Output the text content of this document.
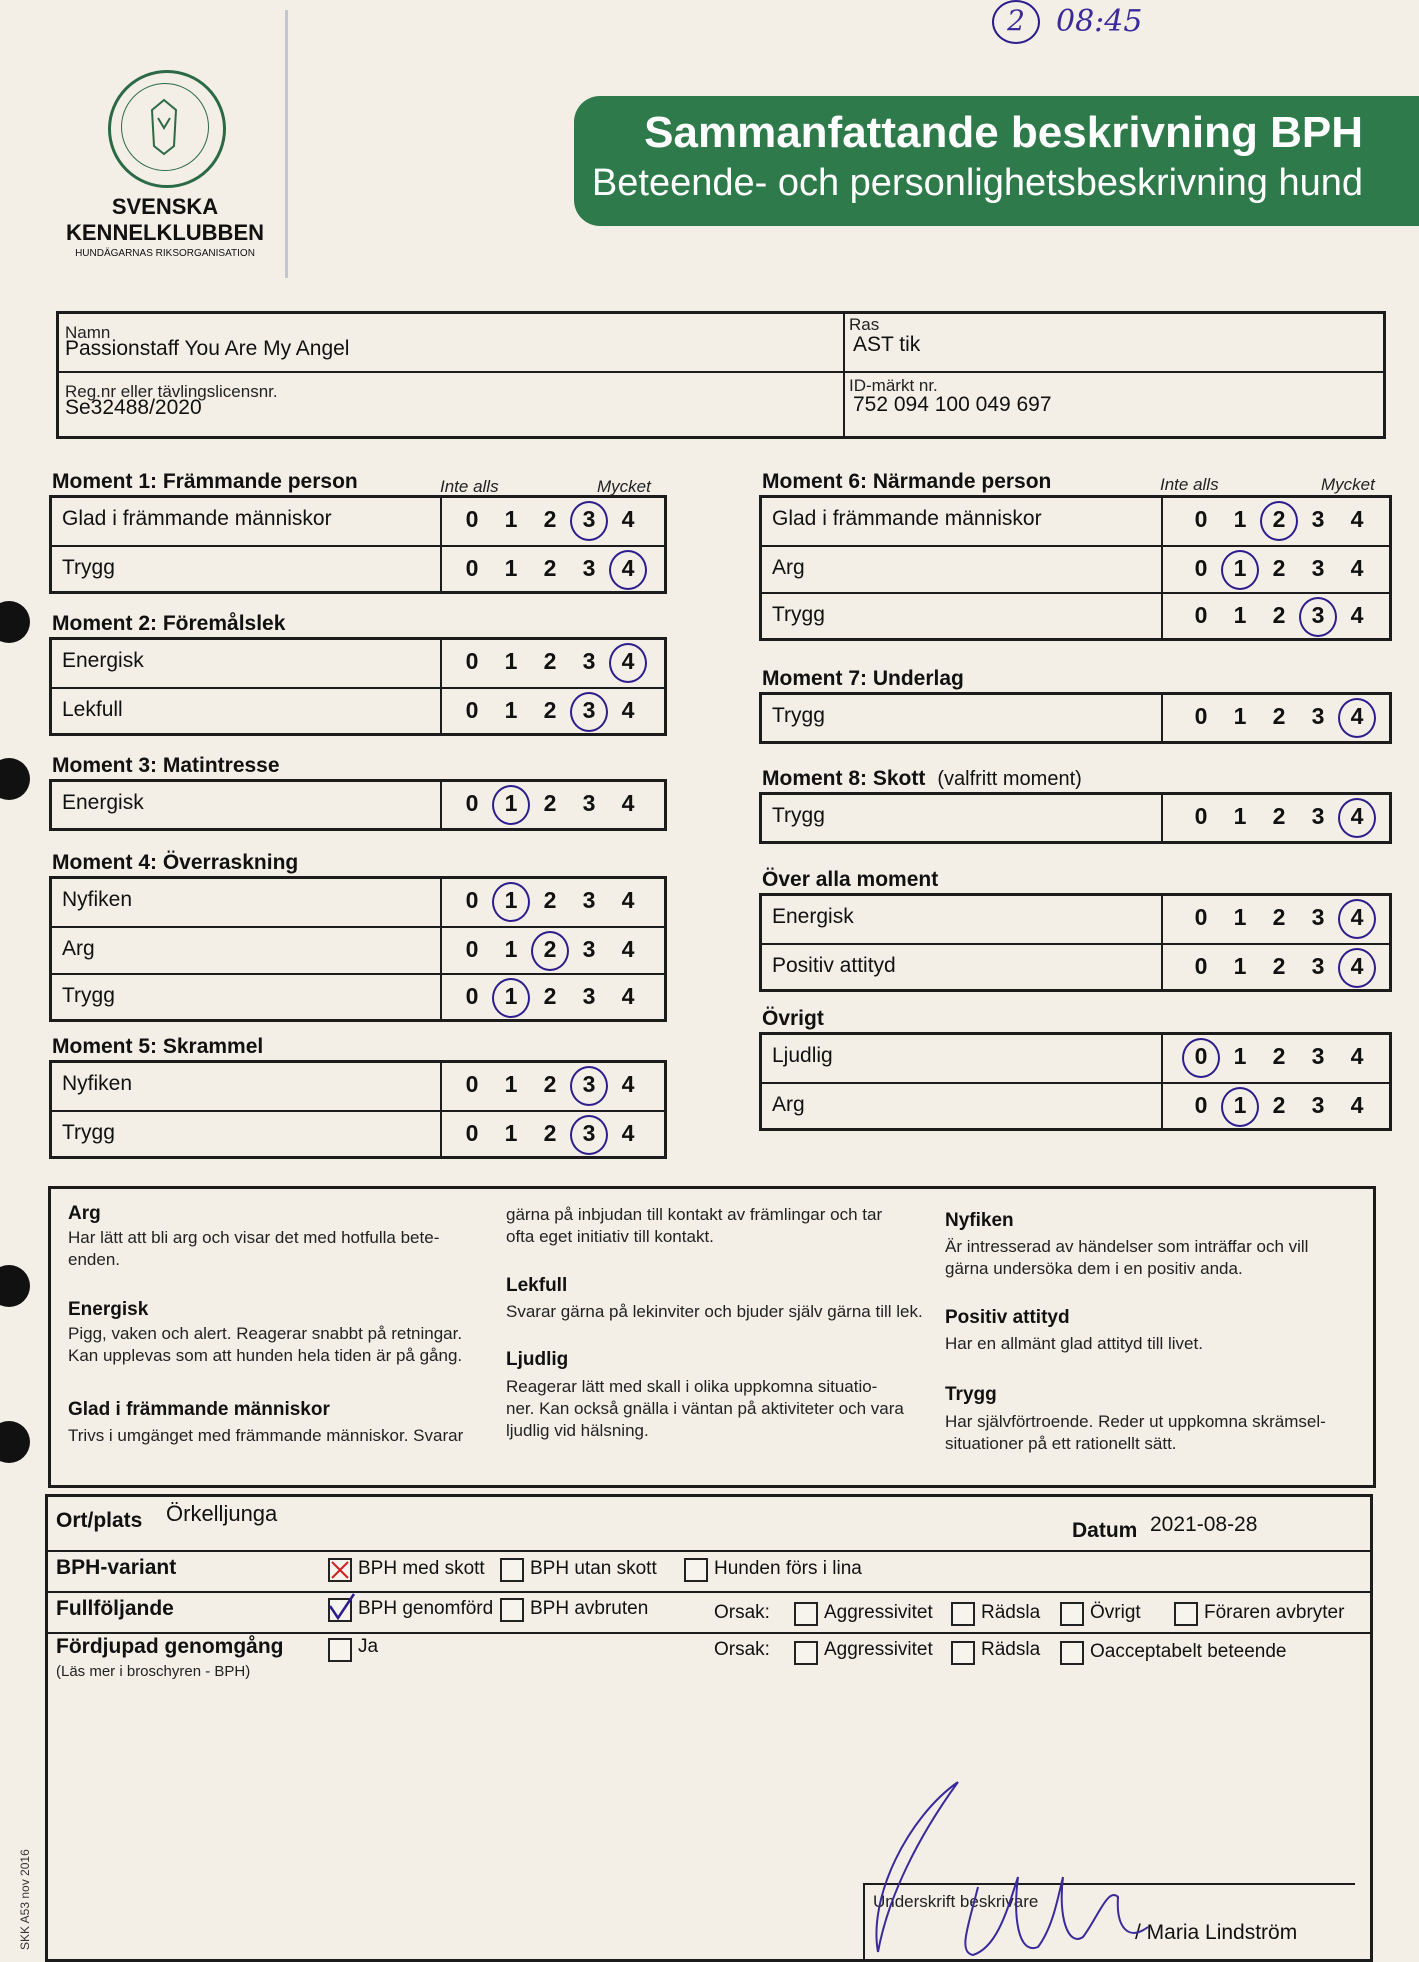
2	08:45
SVENSKA
KENNELKLUBBEN
HUNDÄGARNAS RIKSORGANISATION
Sammanfattande beskrivning BPH
Beteende- och personlighetsbeskrivning hund
Namn
Passionstaff You Are My Angel
Ras
AST tik
Reg.nr eller tävlingslicensnr.
Se32488/2020
ID-märkt nr.
752 094 100 049 697
Inte alls	Mycket	Inte alls	Mycket
Moment 1: Främmande person
Glad i främmande människor	0	1	2	3	4
Trygg	0	1	2	3	4
Moment 2: Föremålslek
Energisk	0	1	2	3	4
Lekfull	0	1	2	3	4
Moment 3: Matintresse
Energisk	0	1	2	3	4
Moment 4: Överraskning
Nyfiken	0	1	2	3	4
Arg	0	1	2	3	4
Trygg	0	1	2	3	4
Moment 5: Skrammel
Nyfiken	0	1	2	3	4
Trygg	0	1	2	3	4
Moment 6: Närmande person
Glad i främmande människor	0	1	2	3	4
Arg	0	1	2	3	4
Trygg	0	1	2	3	4
Moment 7: Underlag
Trygg	0	1	2	3	4
Moment 8: Skott (valfritt moment)
Trygg	0	1	2	3	4
Över alla moment
Energisk	0	1	2	3	4
Positiv attityd	0	1	2	3	4
Övrigt
Ljudlig	0	1	2	3	4
Arg	0	1	2	3	4
Arg
Har lätt att bli arg och visar det med hotfulla bete-
enden.
Energisk
Pigg, vaken och alert. Reagerar snabbt på retningar.
Kan upplevas som att hunden hela tiden är på gång.
Glad i främmande människor
Trivs i umgänget med främmande människor. Svarar
gärna på inbjudan till kontakt av främlingar och tar
ofta eget initiativ till kontakt.
Lekfull
Svarar gärna på lekinviter och bjuder själv gärna till lek.
Ljudlig
Reagerar lätt med skall i olika uppkomna situatio-
ner. Kan också gnälla i väntan på aktiviteter och vara
ljudlig vid hälsning.
Nyfiken
Är intresserad av händelser som inträffar och vill
gärna undersöka dem i en positiv anda.
Positiv attityd
Har en allmänt glad attityd till livet.
Trygg
Har självförtroende. Reder ut uppkomna skrämsel-
situationer på ett rationellt sätt.
Ort/plats Örkelljunga
Datum 2021-08-28
BPH-variant	BPH med skott BPH utan skott	Hunden förs i lina
Fullföljande	BPH genomförd BPH avbruten	Orsak:	Aggressivitet	Rädsla	Övrigt	Föraren avbryter
Fördjupad genomgång
(Läs mer i broschyren - BPH)
Ja	Orsak:	Aggressivitet	Rädsla	Oacceptabelt beteende
Underskrift beskrivare
/ Maria Lindström
SKK A53 nov 2016
